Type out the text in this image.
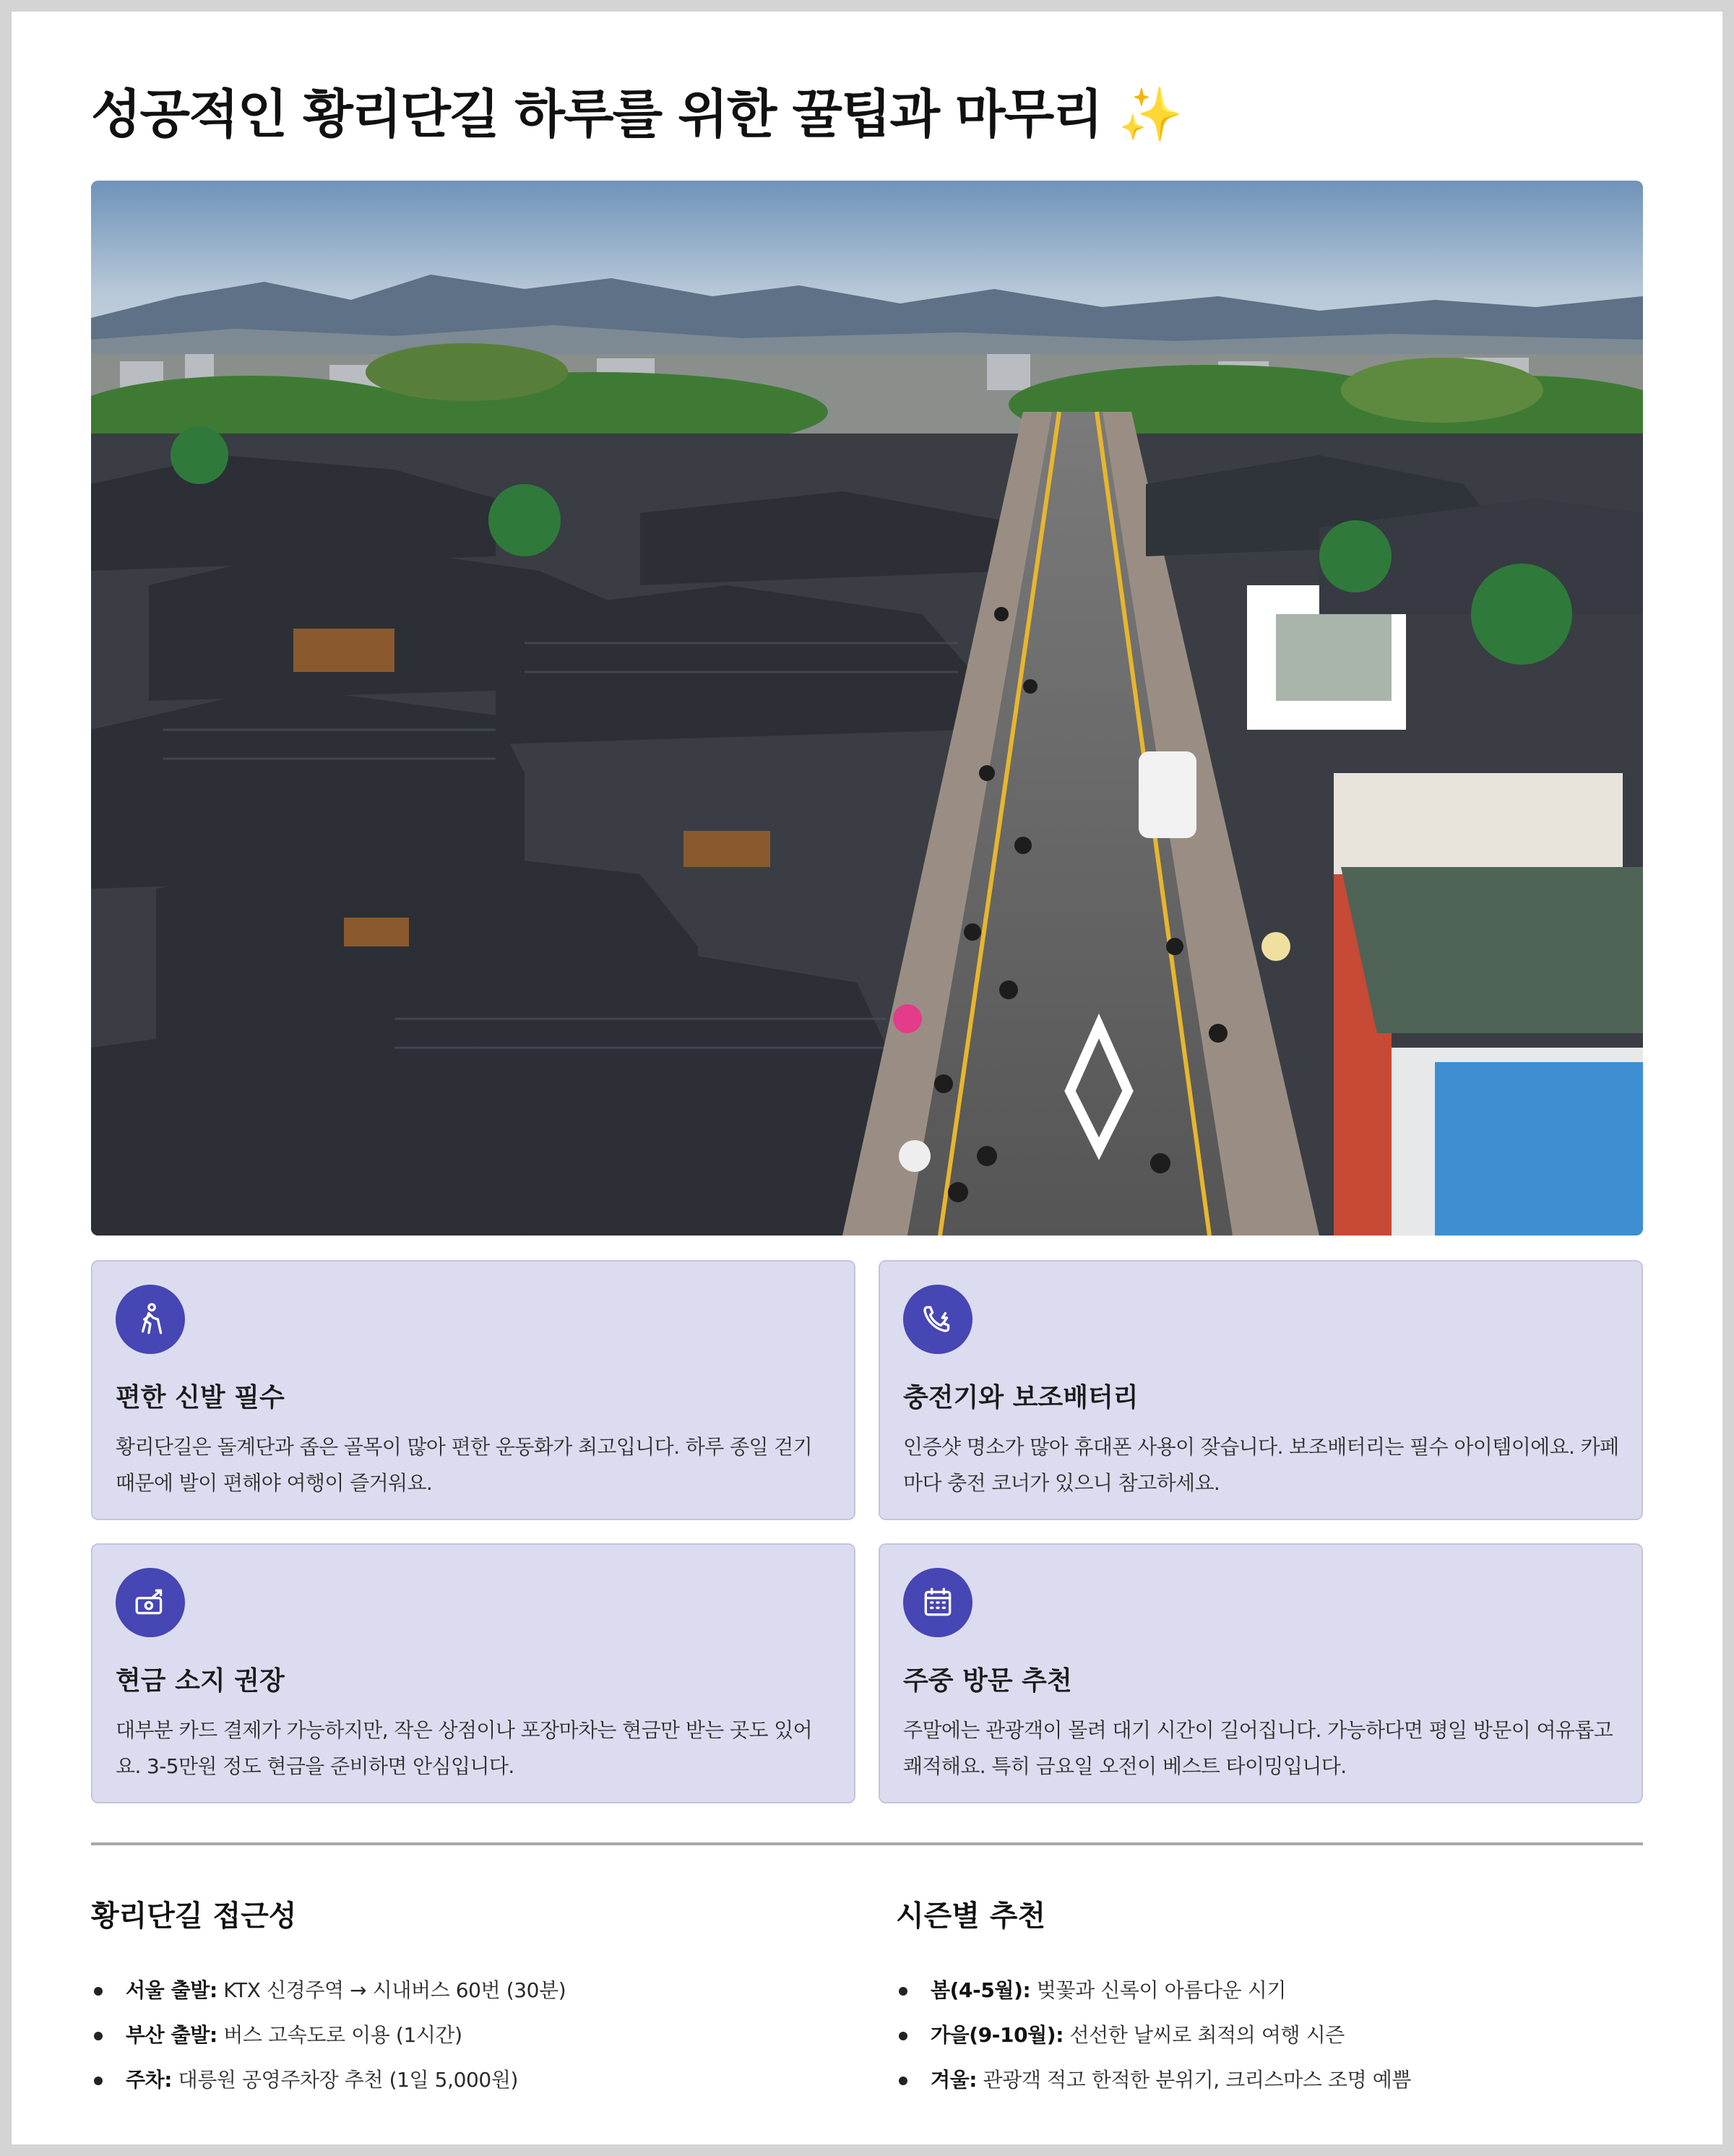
성공적인 황리단길 하루를 위한 꿀팁과 마무리 ✨
편한 신발 필수

황리단길은 돌계단과 좁은 골목이 많아 편한 운동화가 최고입니다. 하루 종일 걷기 때문에 발이 편해야 여행이 즐거워요.

충전기와 보조배터리

인증샷 명소가 많아 휴대폰 사용이 잦습니다. 보조배터리는 필수 아이템이에요. 카페마다 충전 코너가 있으니 참고하세요.

현금 소지 권장

대부분 카드 결제가 가능하지만, 작은 상점이나 포장마차는 현금만 받는 곳도 있어요. 3-5만원 정도 현금을 준비하면 안심입니다.

주중 방문 추천

주말에는 관광객이 몰려 대기 시간이 길어집니다. 가능하다면 평일 방문이 여유롭고 쾌적해요. 특히 금요일 오전이 베스트 타이밍입니다.

황리단길 접근성
서울 출발: KTX 신경주역 → 시내버스 60번 (30분)
부산 출발: 버스 고속도로 이용 (1시간)
주차: 대릉원 공영주차장 추천 (1일 5,000원)
시즌별 추천
봄(4-5월): 벚꽃과 신록이 아름다운 시기
가을(9-10월): 선선한 날씨로 최적의 여행 시즌
겨울: 관광객 적고 한적한 분위기, 크리스마스 조명 예쁨
